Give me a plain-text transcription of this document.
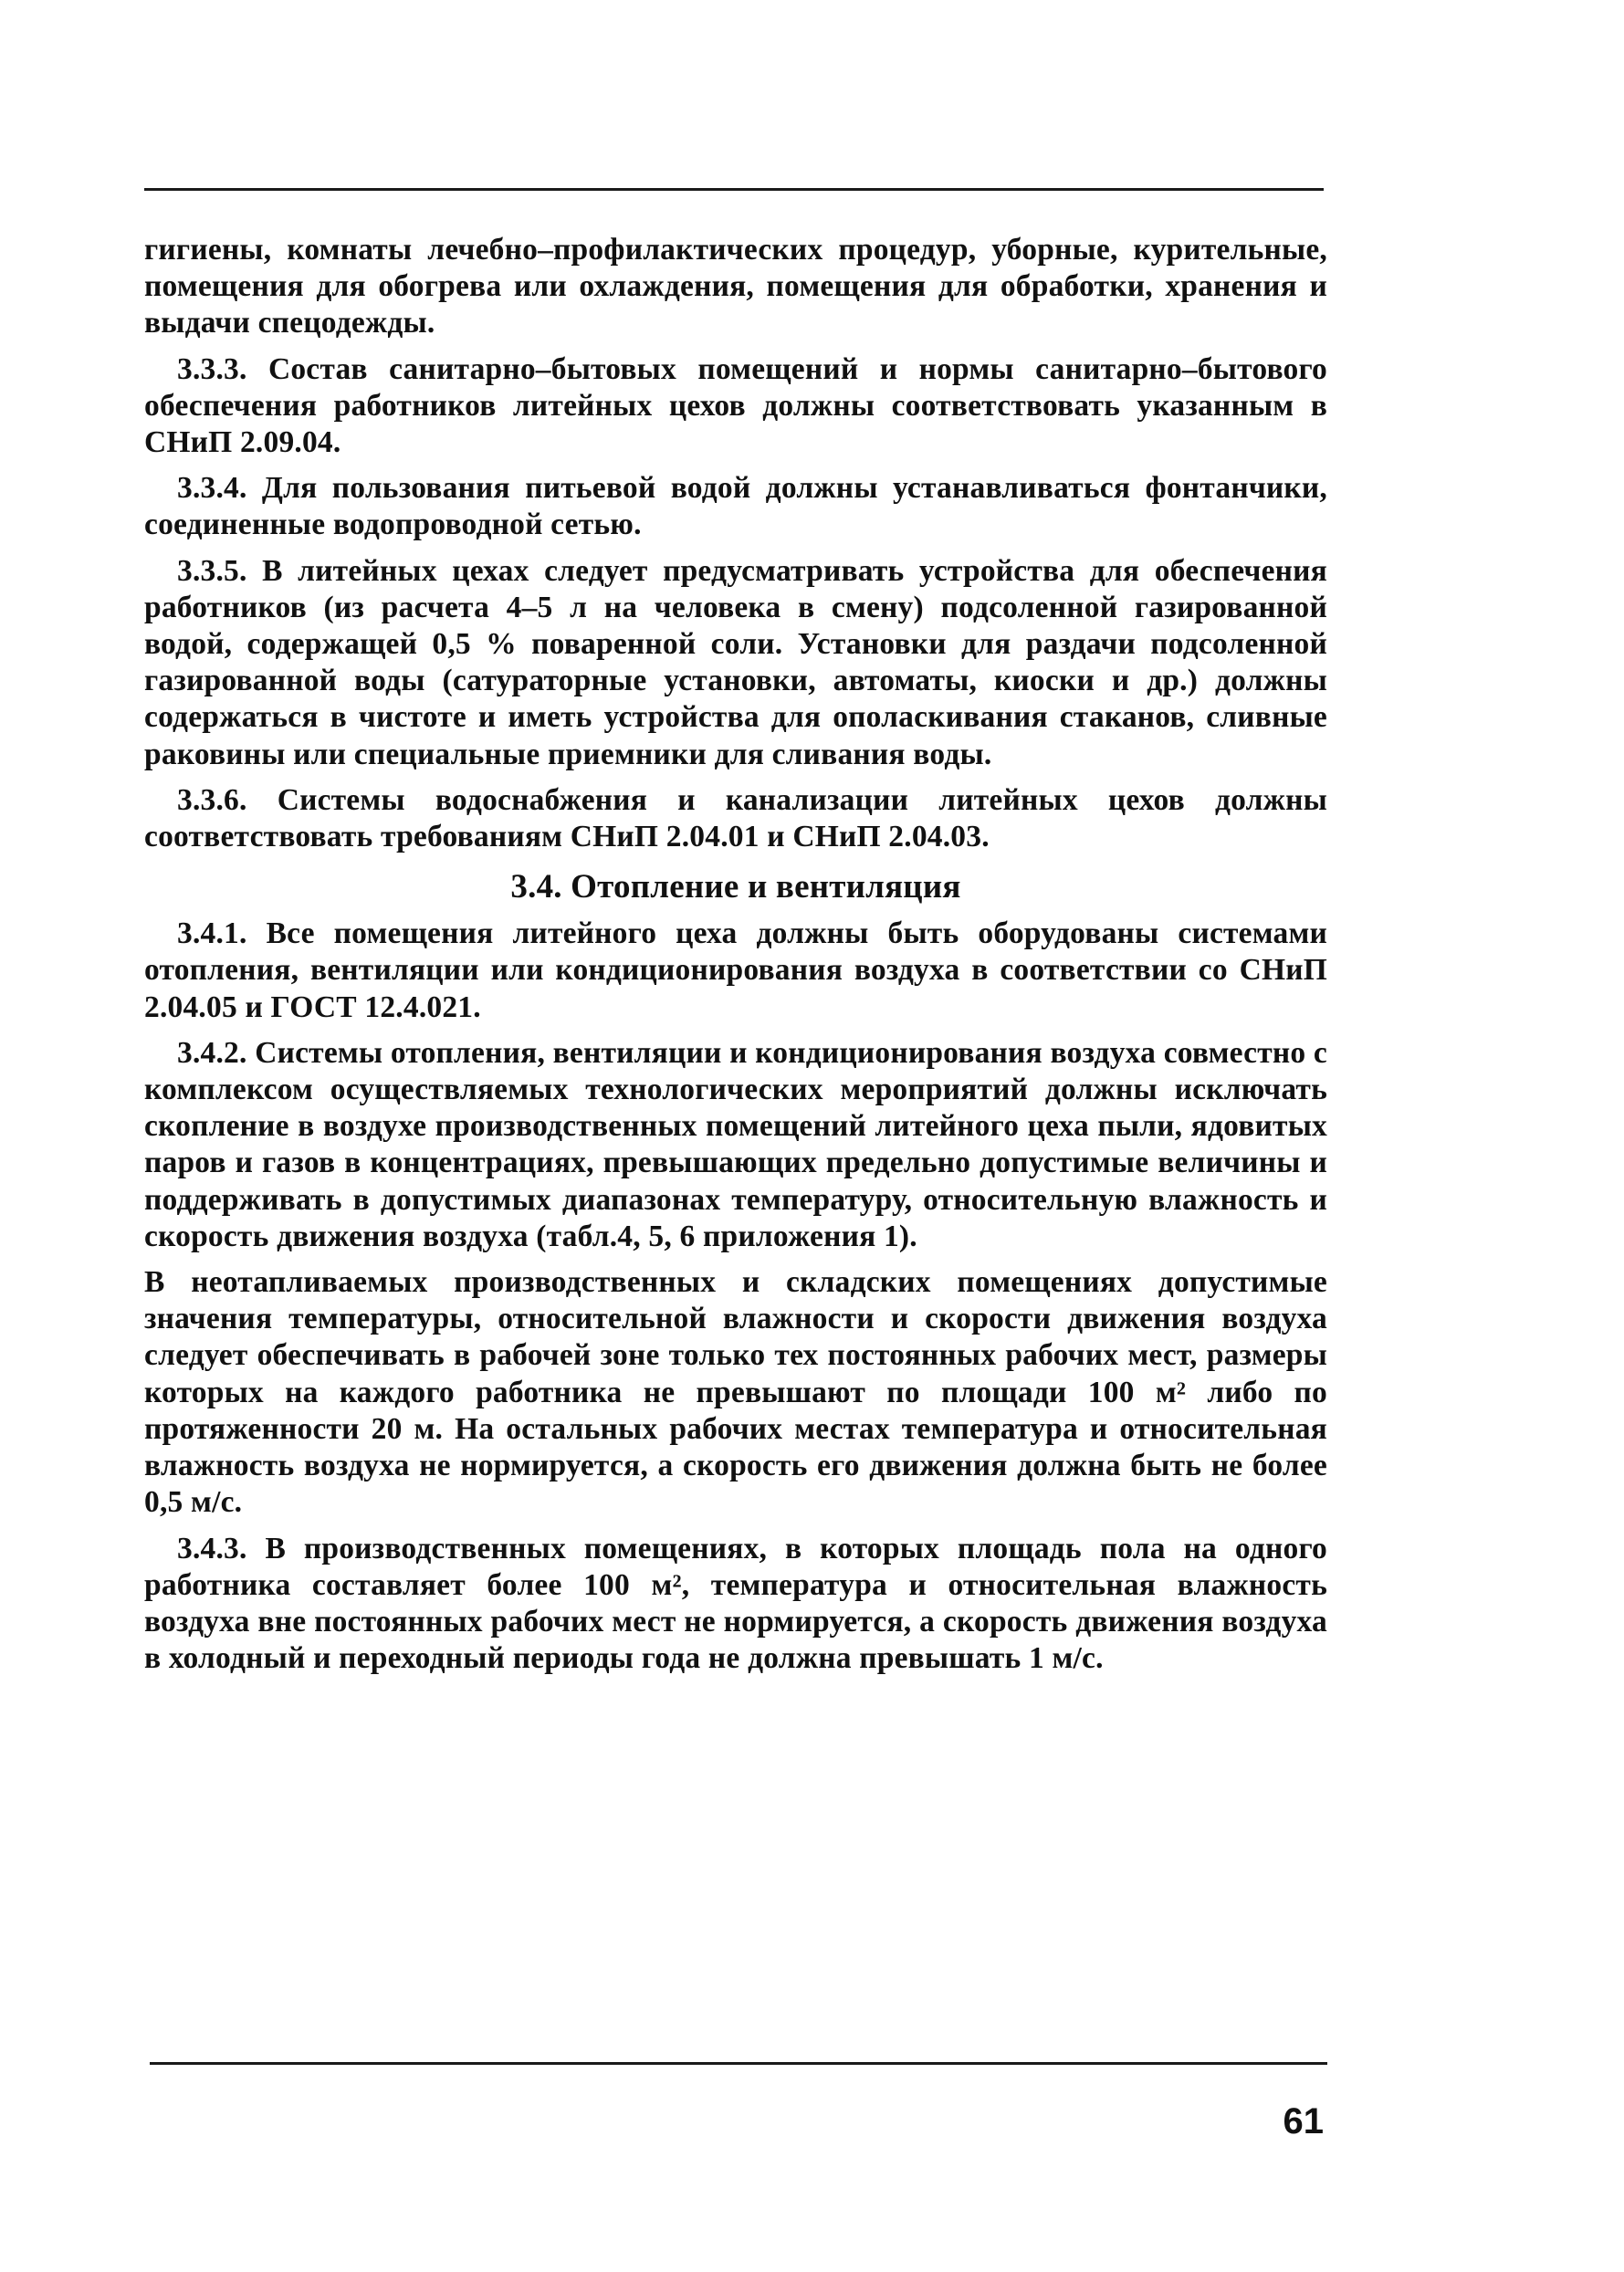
гигиены, комнаты лечебно–профилактических процедур, уборные, курительные, помещения для обогрева или охлаждения, помещения для обработки, хранения и выдачи спецодежды.

3.3.3. Состав санитарно–бытовых помещений и нормы санитарно–бытового обеспечения работников литейных цехов должны соответствовать указанным в СНиП 2.09.04.

3.3.4. Для пользования питьевой водой должны устанавливаться фонтанчики, соединенные водопроводной сетью.

3.3.5. В литейных цехах следует предусматривать устройства для обеспечения работников (из расчета 4–5 л на человека в смену) подсоленной газированной водой, содержащей 0,5 % поваренной соли. Установки для раздачи подсоленной газированной воды (сатураторные установки, автоматы, киоски и др.) должны содержаться в чистоте и иметь устройства для ополаскивания стаканов, сливные раковины или специальные приемники для сливания воды.

3.3.6. Системы водоснабжения и канализации литейных цехов должны соответствовать требованиям СНиП 2.04.01 и СНиП 2.04.03.

3.4. Отопление и вентиляция

3.4.1. Все помещения литейного цеха должны быть оборудованы системами отопления, вентиляции или кондиционирования воздуха в соответствии со СНиП 2.04.05 и ГОСТ 12.4.021.

3.4.2. Системы отопления, вентиляции и кондиционирования воздуха совместно с комплексом осуществляемых технологических мероприятий должны исключать скопление в воздухе производственных помещений литейного цеха пыли, ядовитых паров и газов в концентрациях, превышающих предельно допустимые величины и поддерживать в допустимых диапазонах температуру, относительную влажность и скорость движения воздуха (табл.4, 5, 6 приложения 1).

В неотапливаемых производственных и складских помещениях допустимые значения температуры, относительной влажности и скорости движения воздуха следует обеспечивать в рабочей зоне только тех постоянных рабочих мест, размеры которых на каждого работника не превышают по площади 100 м² либо по протяженности 20 м. На остальных рабочих местах температура и относительная влажность воздуха не нормируется, а скорость его движения должна быть не более 0,5 м/с.

3.4.3. В производственных помещениях, в которых площадь пола на одного работника составляет более 100 м², температура и относительная влажность воздуха вне постоянных рабочих мест не нормируется, а скорость движения воздуха в холодный и переходный периоды года не должна превышать 1 м/с.

61
